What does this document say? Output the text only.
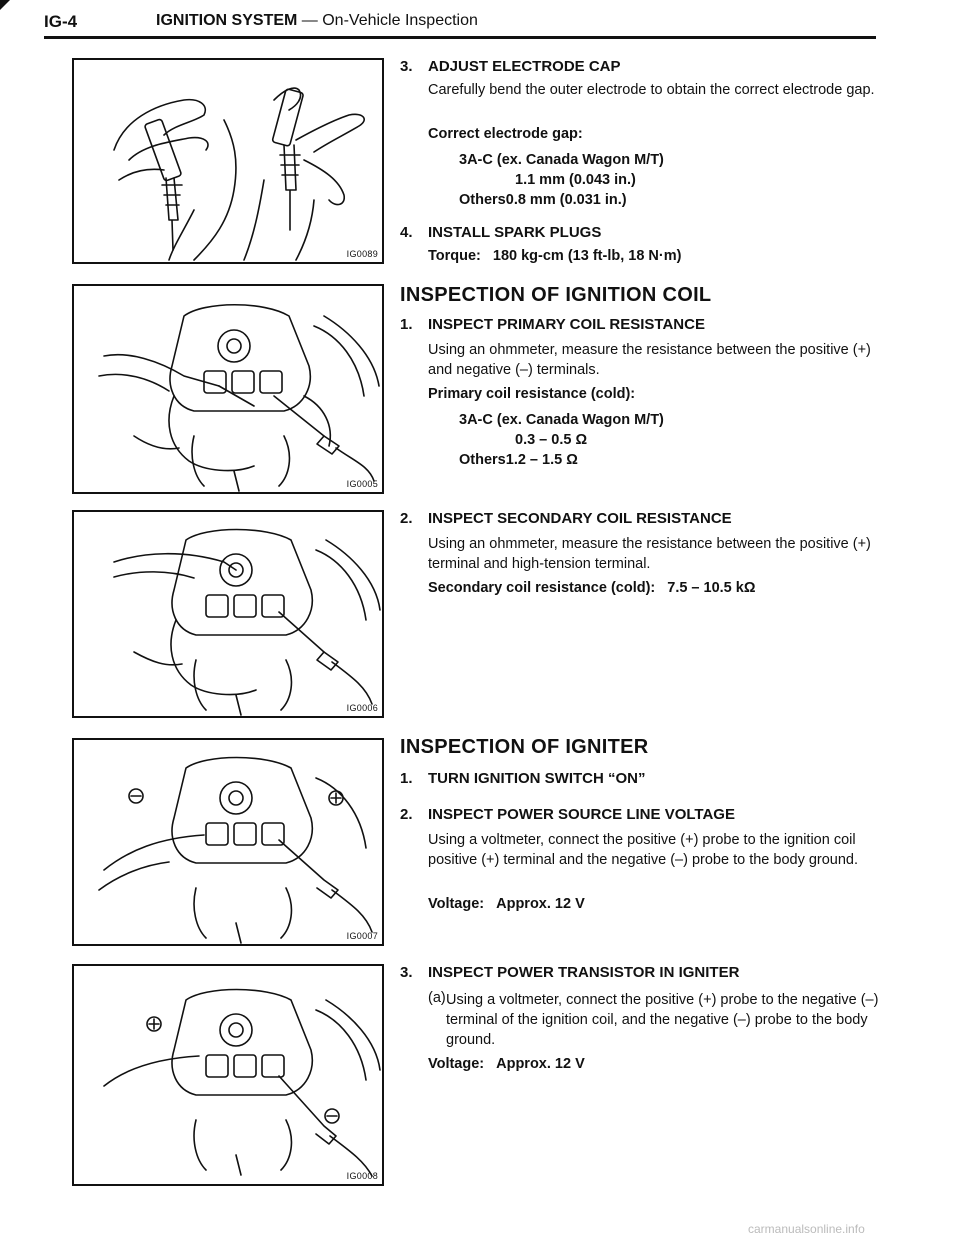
IG-4	IGNITION SYSTEM — On-Vehicle Inspection
IG0089
IG0005
IG0006
IG0007
IG0008
3. ADJUST ELECTRODE CAP
Carefully bend the outer electrode to obtain the correct electrode gap.
Correct electrode gap:
3A-C (ex. Canada Wagon M/T)
1.1 mm (0.043 in.)
Others0.8 mm (0.031 in.)
4. INSTALL SPARK PLUGS
Torque: 180 kg-cm (13 ft-lb, 18 N·m)
INSPECTION OF IGNITION COIL
1. INSPECT PRIMARY COIL RESISTANCE
Using an ohmmeter, measure the resistance between the positive (+) and negative (–) terminals.
Primary coil resistance (cold):
3A-C (ex. Canada Wagon M/T)
0.3 – 0.5 Ω
Others1.2 – 1.5 Ω
2. INSPECT SECONDARY COIL RESISTANCE
Using an ohmmeter, measure the resistance between the positive (+) terminal and high-tension terminal.
Secondary coil resistance (cold): 7.5 – 10.5 kΩ
INSPECTION OF IGNITER
1. TURN IGNITION SWITCH “ON”
2. INSPECT POWER SOURCE LINE VOLTAGE
Using a voltmeter, connect the positive (+) probe to the ignition coil positive (+) terminal and the negative (–) probe to the body ground.
Voltage: Approx. 12 V
3. INSPECT POWER TRANSISTOR IN IGNITER
(a) Using a voltmeter, connect the positive (+) probe to the negative (–) terminal of the ignition coil, and the negative (–) probe to the body ground.
Voltage: Approx. 12 V
carmanualsonline.info
